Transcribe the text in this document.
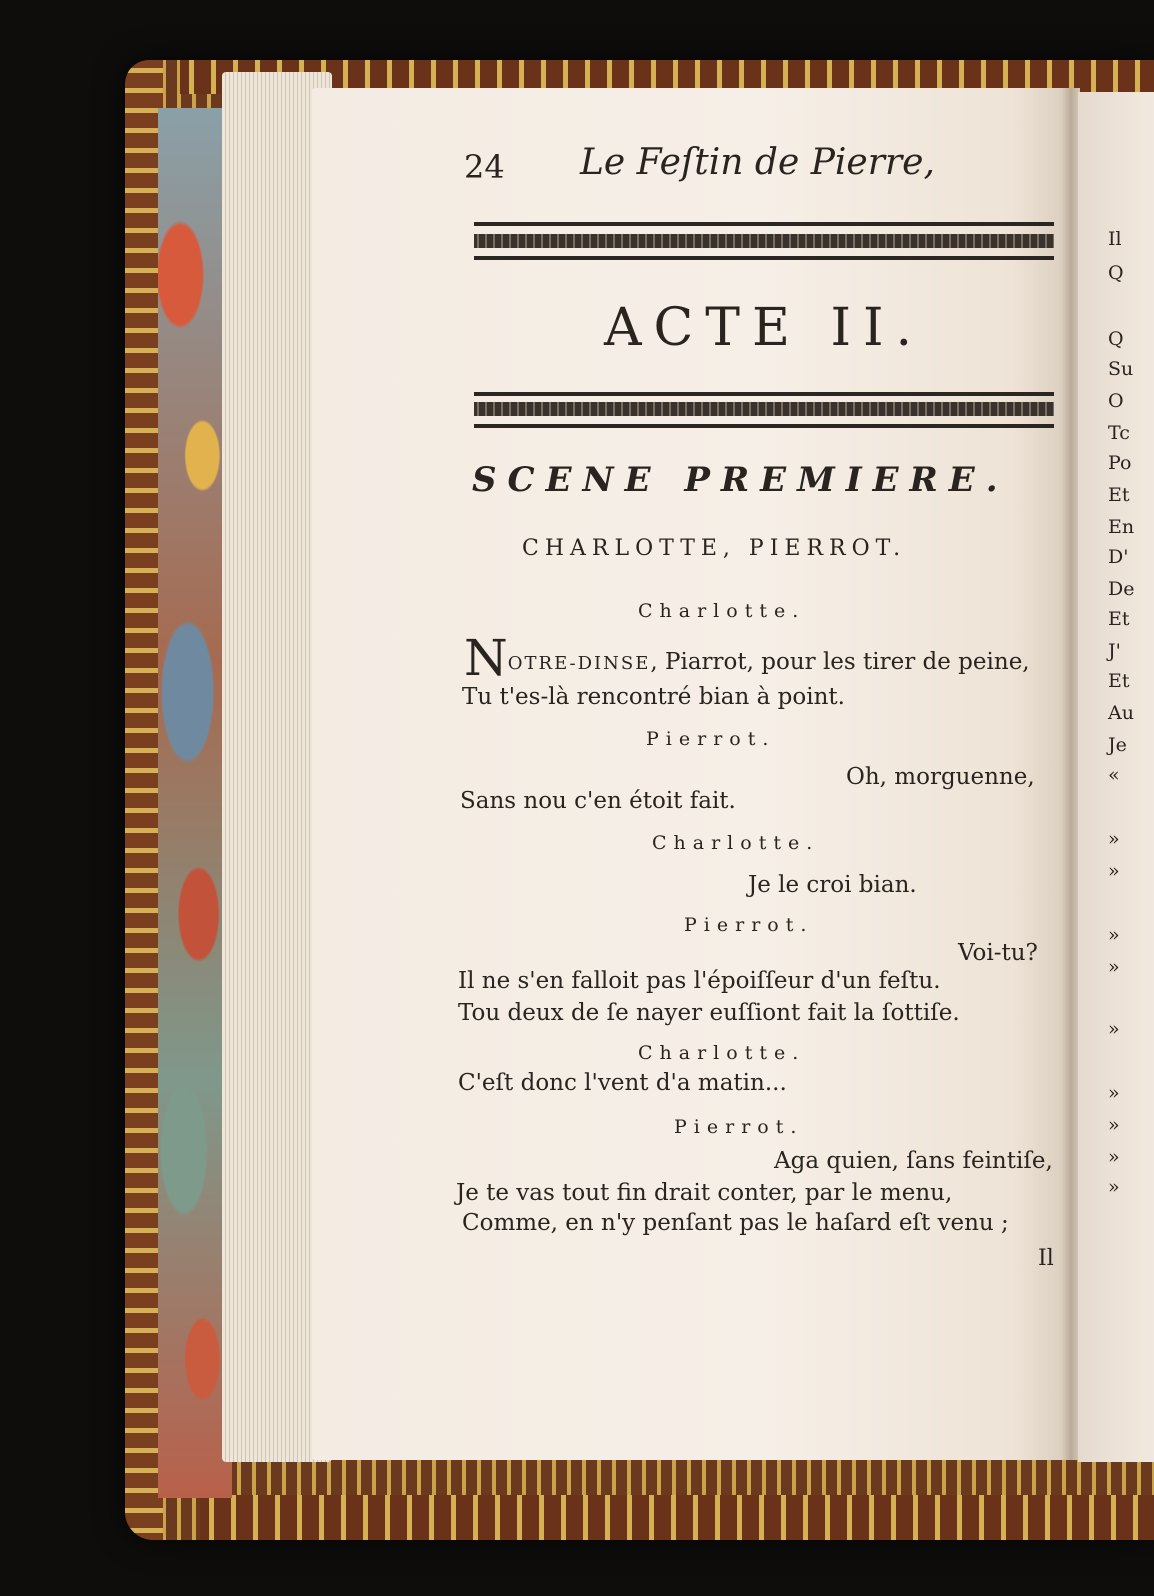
24 Le Feſtin de Pierre,
ACTE II.
SCENE PREMIERE.
CHARLOTTE, PIERROT.
Charlotte.
NOTRE-DINSE, Piarrot, pour les tirer de peine,
Tu t'es-là rencontré bian à point.
Pierrot.
Oh, morguenne,
Sans nou c'en étoit fait.
Charlotte.
Je le croi bian.
Pierrot.
Voi-tu?
Il ne s'en falloit pas l'époiſſeur d'un feſtu.
Tou deux de ſe nayer euſſiont fait la ſottiſe.
Charlotte.
C'eſt donc l'vent d'a matin...
Pierrot.
Aga quien, ſans feintiſe,
Je te vas tout fin drait conter, par le menu,
Comme, en n'y penſant pas le haſard eſt venu ;
Il
Il
Q
Q
Su
O
Tc
Po
Et
En
D'
De
Et
J'
Et
Au
Je
«
»
»
»
»
»
»
»
»
»
